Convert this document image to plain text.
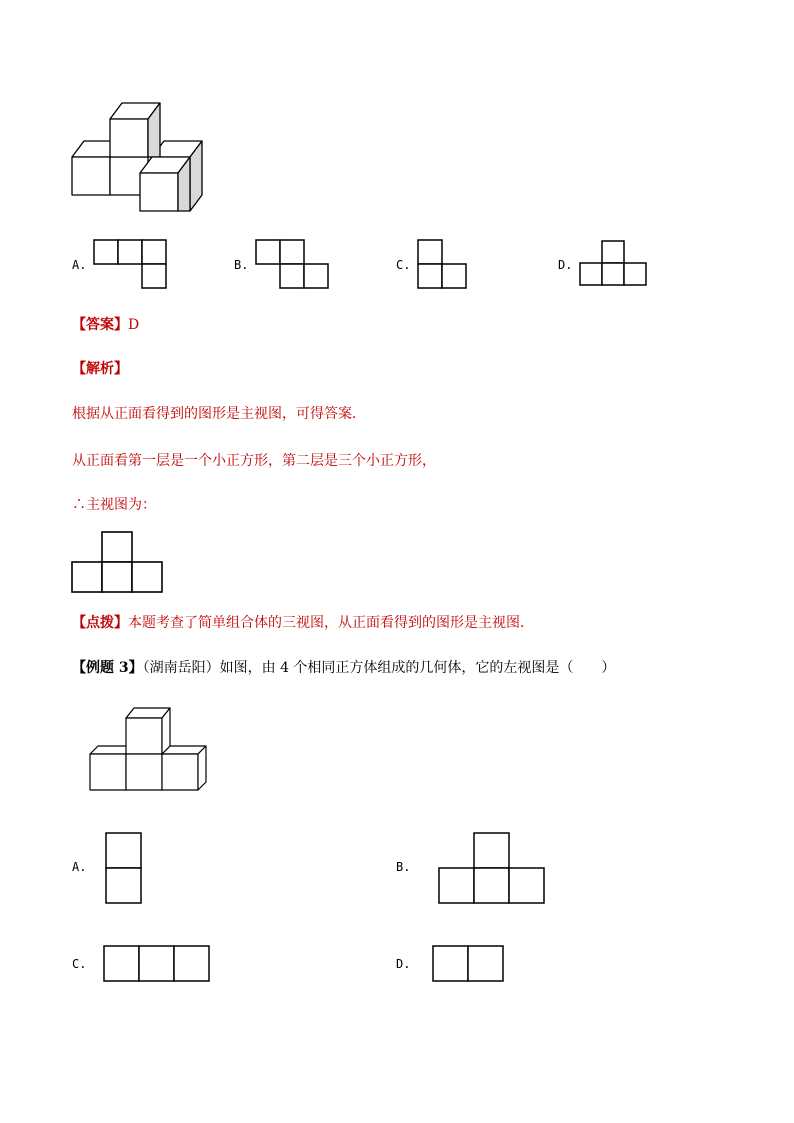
A.	B.	C.	D.
【答案】D
【解析】
根据从正面看得到的图形是主视图，可得答案．
从正面看第一层是一个小正方形，第二层是三个小正方形，
∴主视图为：
【点拨】本题考查了简单组合体的三视图，从正面看得到的图形是主视图．
【例题 3】（湖南岳阳）如图，由 4 个相同正方体组成的几何体，它的左视图是（　　）
A.	B.
C.	D.
